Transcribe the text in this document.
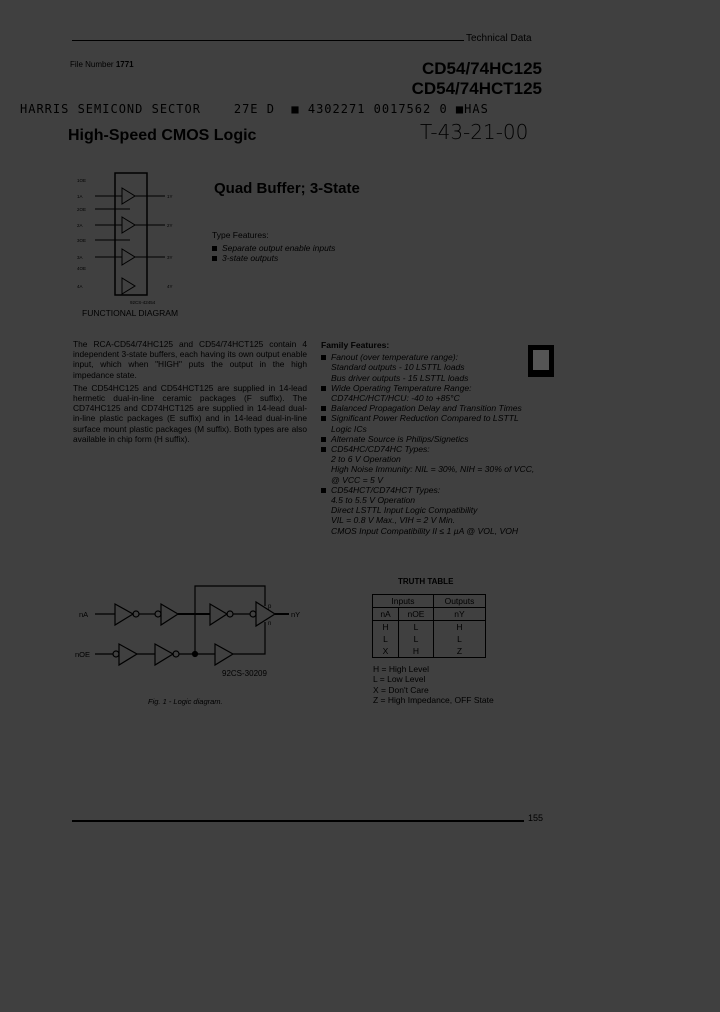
Technical Data
File Number 1771	CD54/74HC125
CD54/74HCT125
HARRIS SEMICOND SECTOR    27E D  ■ 4302271 0017562 0 ■HAS
High-Speed CMOS Logic	T-43-21-00
Quad Buffer; 3-State
Type Features:
Separate output enable inputs
3-state outputs
1OE
1A	1Y
2OE
2A	2Y
3OE
3A	3Y
4OE
4A	4Y
92CS-42454
FUNCTIONAL DIAGRAM

The RCA-CD54/74HC125 and CD54/74HCT125 contain 4 independent 3-state buffers, each having its own output enable input, which when "HIGH" puts the output in the high impedance state.

The CD54HC125 and CD54HCT125 are supplied in 14-lead hermetic dual-in-line ceramic packages (F suffix). The CD74HC125 and CD74HCT125 are supplied in 14-lead dual-in-line plastic packages (E suffix) and in 14-lead dual-in-line surface mount plastic packages (M suffix). Both types are also available in chip form (H suffix).

Family Features:
Fanout (over temperature range):
Standard outputs - 10 LSTTL loads
Bus driver outputs - 15 LSTTL loads
Wide Operating Temperature Range:
CD74HC/HCT/HCU: -40 to +85°C
Balanced Propagation Delay and Transition Times
Significant Power Reduction Compared to LSTTL
Logic ICs
Alternate Source is Philips/Signetics
CD54HC/CD74HC Types:
2 to 6 V Operation
High Noise Immunity: NIL = 30%, NIH = 30% of VCC,
@ VCC = 5 V
CD54HCT/CD74HCT Types:
4.5 to 5.5 V Operation
Direct LSTTL Input Logic Compatibility
VIL = 0.8 V Max., VIH = 2 V Min.
CMOS Input Compatibility II ≤ 1 µA @ VOL, VOH
nA
nOE
nY
p
n
92CS-30209
Fig. 1 - Logic diagram.
TRUTH TABLE
Inputs		Outputs
nA	nOE	nY
H	L	H
L	L	L
X	H	Z
H = High Level
L = Low Level
X = Don't Care
Z = High Impedance, OFF State
155
